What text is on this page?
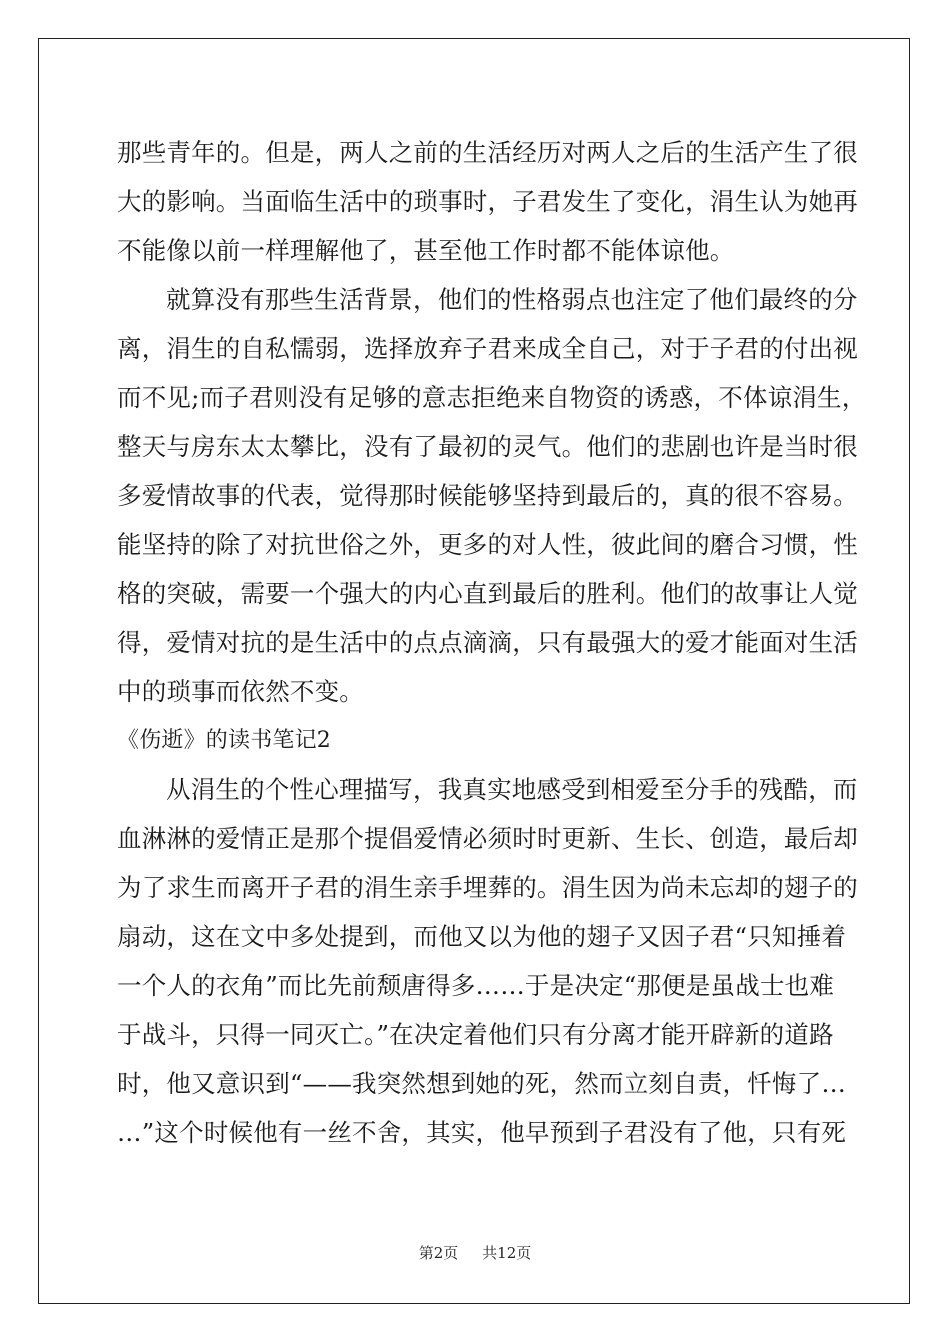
那些青年的。但是，两人之前的生活经历对两人之后的生活产生了很
大的影响。当面临生活中的琐事时，子君发生了变化，涓生认为她再
不能像以前一样理解他了，甚至他工作时都不能体谅他。
就算没有那些生活背景，他们的性格弱点也注定了他们最终的分
离，涓生的自私懦弱，选择放弃子君来成全自己，对于子君的付出视
而不见;而子君则没有足够的意志拒绝来自物资的诱惑，不体谅涓生，
整天与房东太太攀比，没有了最初的灵气。他们的悲剧也许是当时很
多爱情故事的代表，觉得那时候能够坚持到最后的，真的很不容易。
能坚持的除了对抗世俗之外，更多的对人性，彼此间的磨合习惯，性
格的突破，需要一个强大的内心直到最后的胜利。他们的故事让人觉
得，爱情对抗的是生活中的点点滴滴，只有最强大的爱才能面对生活
中的琐事而依然不变。
《伤逝》的读书笔记2
从涓生的个性心理描写，我真实地感受到相爱至分手的残酷，而
血淋淋的爱情正是那个提倡爱情必须时时更新、生长、创造，最后却
为了求生而离开子君的涓生亲手埋葬的。涓生因为尚未忘却的翅子的
扇动，这在文中多处提到，而他又以为他的翅子又因子君“只知捶着
一个人的衣角”而比先前颓唐得多……于是决定“那便是虽战士也难
于战斗，只得一同灭亡。”在决定着他们只有分离才能开辟新的道路
时，他又意识到“——我突然想到她的死，然而立刻自责，忏悔了…
…”这个时候他有一丝不舍，其实，他早预到子君没有了他，只有死
第2页 共12页
